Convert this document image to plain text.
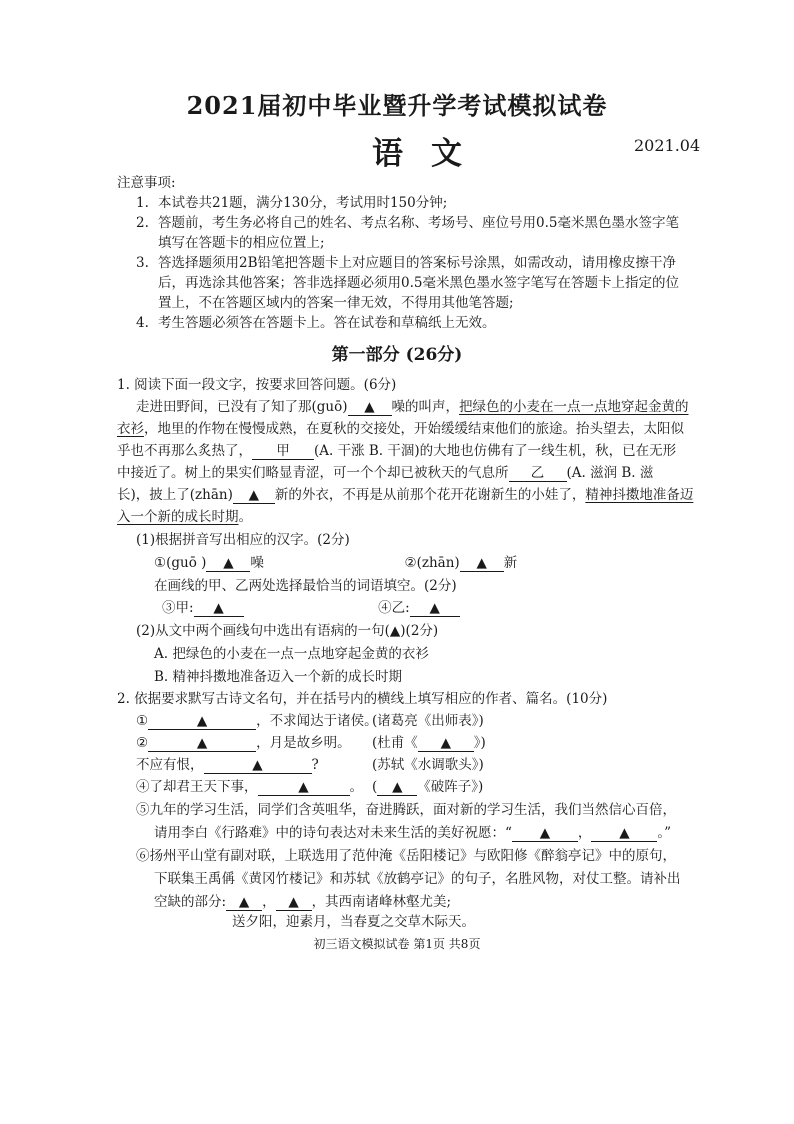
2021届初中毕业暨升学考试模拟试卷
语文	2021.04
注意事项:
1. 本试卷共21题，满分130分，考试用时150分钟;
2. 答题前，考生务必将自己的姓名、考点名称、考场号、座位号用0.5毫米黑色墨水签字笔
填写在答题卡的相应位置上;
3. 答选择题须用2B铅笔把答题卡上对应题目的答案标号涂黑，如需改动，请用橡皮擦干净
后，再选涂其他答案；答非选择题必须用0.5毫米黑色墨水签字笔写在答题卡上指定的位
置上，不在答题区域内的答案一律无效，不得用其他笔答题;
4. 考生答题必须答在答题卡上。答在试卷和草稿纸上无效。
第一部分 (26分)
1. 阅读下面一段文字，按要求回答问题。(6分)
走进田野间，已没有了知了那(guō) ▲ 噪的叫声，把绿色的小麦在一点一点地穿起金黄的
衣衫，地里的作物在慢慢成熟，在夏秋的交接处，开始缓缓结束他们的旅途。抬头望去，太阳似
乎也不再那么炙热了， 甲 (A. 干涨 B. 干涸)的大地也仿佛有了一线生机，秋，已在无形
中接近了。树上的果实们略显青涩，可一个个却已被秋天的气息所 乙 (A. 滋润 B. 滋
长)，披上了(zhān) ▲ 新的外衣，不再是从前那个花开花谢新生的小娃了，精神抖擞地准备迈
入一个新的成长时期。
(1)根据拼音写出相应的汉字。(2分)
①(guō ) ▲ 噪	②(zhān) ▲ 新
在画线的甲、乙两处选择最恰当的词语填空。(2分)
③甲: ▲	④乙: ▲
(2)从文中两个画线句中选出有语病的一句(▲)(2分)
A. 把绿色的小麦在一点一点地穿起金黄的衣衫
B. 精神抖擞地准备迈入一个新的成长时期
2. 依据要求默写古诗文名句，并在括号内的横线上填写相应的作者、篇名。(10分)
①	▲	，不求闻达于诸侯。
(诸葛亮《出师表》)
②	▲	，月是故乡明。 (杜甫《 ▲ 》)
不应有恨，	▲	?	(苏轼《水调歌头》)
④了却君王天下事，	▲	。 ( ▲ 《破阵子》)
⑤九年的学习生活，同学们含英咀华，奋进腾跃，面对新的学习生活，我们当然信心百倍，
请用李白《行路难》中的诗句表达对未来生活的美好祝愿：“ ▲ ， ▲ 。”
⑥扬州平山堂有副对联，上联选用了范仲淹《岳阳楼记》与欧阳修《醉翁亭记》中的原句，
下联集王禹偁《黄冈竹楼记》和苏轼《放鹤亭记》的句子，名胜风物，对仗工整。请补出
空缺的部分: ▲ ， ▲ ，其西南诸峰林壑尤美;
送夕阳，迎素月，当春夏之交草木际天。
初三语文模拟试卷 第1页 共8页
